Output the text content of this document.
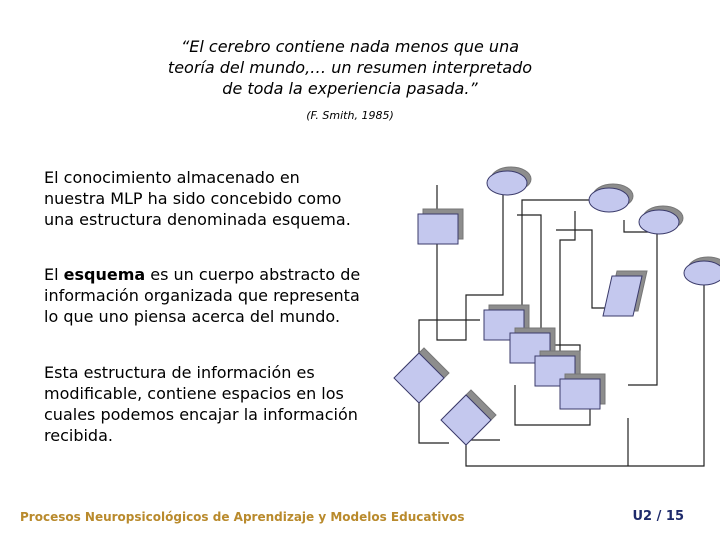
“El cerebro contiene nada menos que una
teoría del mundo,… un resumen interpretado
de toda la experiencia pasada.”
(F. Smith, 1985)
El conocimiento almacenado en nuestra MLP ha sido concebido como una estructura denominada esquema.
El esquema es un cuerpo abstracto de información organizada que representa lo que uno piensa acerca del mundo.
Esta estructura de información es modificable, contiene espacios en los cuales podemos encajar la información recibida.
Procesos Neuropsicológicos de Aprendizaje y Modelos Educativos	U2 / 15
